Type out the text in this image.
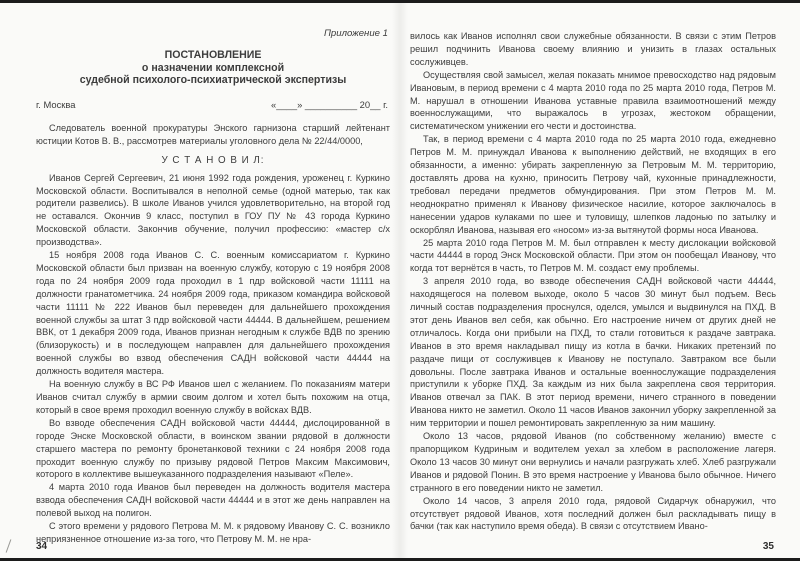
Приложение 1
ПОСТАНОВЛЕНИЕ
о назначении комплексной
судебной психолого-психиатрической экспертизы
г. Москва	«____» __________ 20__ г.

Следователь военной прокуратуры Энского гарнизона старший лейтенант юстиции Котов В. В., рассмотрев материалы уголовного дела № 22/44/0000,

У С Т А Н О В И Л:

Иванов Сергей Сергеевич, 21 июня 1992 года рождения, уроженец г. Куркино Московской области. Воспитывался в неполной семье (одной матерью, так как родители развелись). В школе Иванов учился удовлетворительно, на второй год не оставался. Окончив 9 класс, поступил в ГОУ ПУ № 43 города Куркино Московской области. Закончив обучение, получил профессию: «мастер с/х производства».

15 ноября 2008 года Иванов С. С. военным комиссариатом г. Куркино Московской области был призван на военную службу, которую с 19 ноября 2008 года по 24 ноября 2009 года проходил в 1 пдр войсковой части 11111 на должности гранатометчика. 24 ноября 2009 года, приказом командира войсковой части 11111 № 222 Иванов был переведен для дальнейшего прохождения военной службы за штат 3 пдр войсковой части 44444. В дальнейшем, решением ВВК, от 1 декабря 2009 года, Иванов признан негодным к службе ВДВ по зрению (близорукость) и в последующем направлен для дальнейшего прохождения военной службы во взвод обеспечения САДН войсковой части 44444 на должность водителя мастера.

На военную службу в ВС РФ Иванов шел с желанием. По показаниям матери Иванов считал службу в армии своим долгом и хотел быть похожим на отца, который в свое время проходил военную службу в войсках ВДВ.

Во взводе обеспечения САДН войсковой части 44444, дислоцированной в городе Энске Московской области, в воинском звании рядовой в должности старшего мастера по ремонту бронетанковой техники с 24 ноября 2008 года проходит военную службу по призыву рядовой Петров Максим Максимович, которого в коллективе вышеуказанного подразделения называют «Пеле».

4 марта 2010 года Иванов был переведен на должность водителя мастера взвода обеспечения САДН войсковой части 44444 и в этот же день направлен на полевой выход на полигон.

С этого времени у рядового Петрова М. М. к рядовому Иванову С. С. возникло неприязненное отношение из-за того, что Петрову М. М. не нра-

34

вилось как Иванов исполнял свои служебные обязанности. В связи с этим Петров решил подчинить Иванова своему влиянию и унизить в глазах остальных сослуживцев.

Осуществляя свой замысел, желая показать мнимое превосходство над рядовым Ивановым, в период времени с 4 марта 2010 года по 25 марта 2010 года, Петров М. М. нарушал в отношении Иванова уставные правила взаимоотношений между военнослужащими, что выражалось в угрозах, жестоком обращении, систематическом унижении его чести и достоинства.

Так, в период времени с 4 марта 2010 года по 25 марта 2010 года, ежедневно Петров М. М. принуждал Иванова к выполнению действий, не входящих в его обязанности, а именно: убирать закрепленную за Петровым М. М. территорию, доставлять дрова на кухню, приносить Петрову чай, кухонные принадлежности, требовал передачи предметов обмундирования. При этом Петров М. М. неоднократно применял к Иванову физическое насилие, которое заключалось в нанесении ударов кулаками по шее и туловищу, шлепков ладонью по затылку и оскорблял Иванова, называя его «носом» из-за вытянутой формы носа Иванова.

25 марта 2010 года Петров М. М. был отправлен к месту дислокации войсковой части 44444 в город Энск Московской области. При этом он пообещал Иванову, что когда тот вернётся в часть, то Петров М. М. создаст ему проблемы.

3 апреля 2010 года, во взводе обеспечения САДН войсковой части 44444, находящегося на полевом выходе, около 5 часов 30 минут был подъем. Весь личный состав подразделения проснулся, оделся, умылся и выдвинулся на ПХД. В этот день Иванов вел себя, как обычно. Его настроение ничем от других дней не отличалось. Когда они прибыли на ПХД, то стали готовиться к раздаче завтрака. Иванов в это время накладывал пищу из котла в бачки. Никаких претензий по раздаче пищи от сослуживцев к Иванову не поступало. Завтраком все были довольны. После завтрака Иванов и остальные военнослужащие подразделения приступили к уборке ПХД. За каждым из них была закреплена своя территория. Иванов отвечал за ПАК. В этот период времени, ничего странного в поведении Иванова никто не заметил. Около 11 часов Иванов закончил уборку закрепленной за ним территории и пошел ремонтировать закрепленную за ним машину.

Около 13 часов, рядовой Иванов (по собственному желанию) вместе с прапорщиком Кудриным и водителем уехал за хлебом в расположение лагеря. Около 13 часов 30 минут они вернулись и начали разгружать хлеб. Хлеб разгружали Иванов и рядовой Понин. В это время настроение у Иванова было обычное. Ничего странного в его поведении никто не заметил.

Около 14 часов, 3 апреля 2010 года, рядовой Сидарчук обнаружил, что отсутствует рядовой Иванов, хотя последний должен был раскладывать пищу в бачки (так как наступило время обеда). В связи с отсутствием Ивано-

35
